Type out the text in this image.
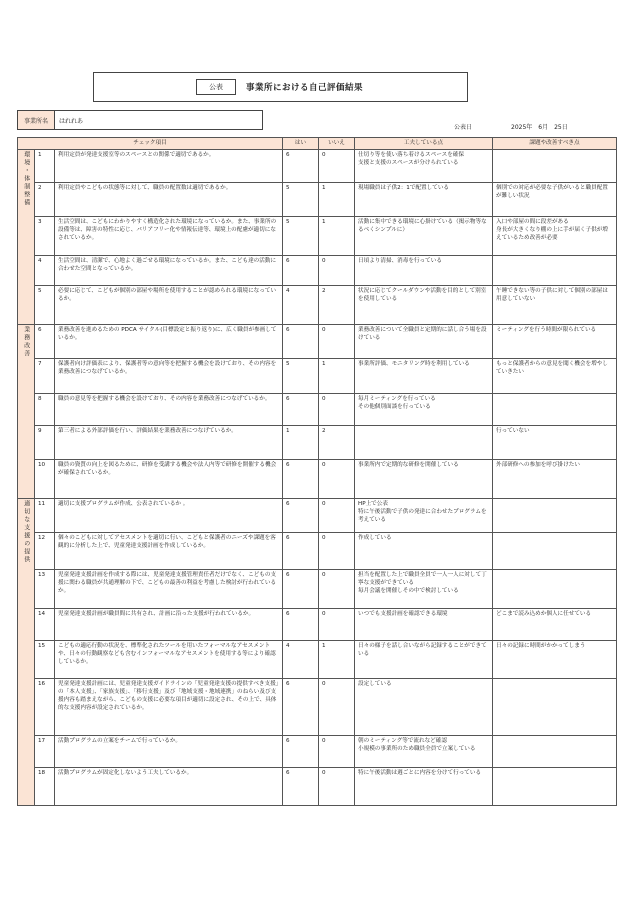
公表	事業所における自己評価結果
事業所名	はれれあ
公表日	2025年　6月　25日
チェック項目			はい	いいえ	工夫している点	課題や改善すべき点
環境・体制整備	1	利用定員が発達支援室等のスペースとの関係で適切であるか。	6	0	仕切り等を使い落ち着けるスペースを確保
支援と支援のスペースが分けられている	
	2	利用定員やこどもの状態等に対して、職員の配置数は適切であるか。	5	1	現場職員は子供2：1で配置している	個別での対応が必要な子供がいると職員配置が難しい状況
	3	生活空間は、こどもにわかりやすく構造化された環境になっているか。また、事業所の設備等は、障害の特性に応じ、バリアフリー化や情報伝達等、環境上の配慮が適切になされているか。	5	1	活動に集中できる環境に心掛けている（掲示物等なるべくシンプルに）	入口や部屋の間に段差がある
身長が大きくなり棚の上に手が届く子供が増えているため改善が必要
	4	生活空間は、清潔で、心地よく過ごせる環境になっているか。また、こども達の活動に合わせた空間となっているか。	6	0	日頃より清掃、消毒を行っている	
	5	必要に応じて、こどもが個別の部屋や場所を使用することが認められる環境になっているか。	4	2	状況に応じてクールダウンや活動を目的として別室を使用している	午睡できない等の子供に対して個別の部屋は用意していない
業務改善	6	業務改善を進めるための PDCA サイクル(目標設定と振り返り)に、広く職員が参画しているか。	6	0	業務改善について全職員と定期的に話し合う場を設けている	ミーティングを行う時間が限られている
	7	保護者向け評価表により、保護者等の意向等を把握する機会を設けており、その内容を業務改善につなげているか。	5	1	事業所評価、モニタリング時を利用している	もっと保護者からの意見を聞く機会を増やしていきたい
	8	職員の意見等を把握する機会を設けており、その内容を業務改善につなげているか。	6	0	毎月ミーティングを行っている
その他個別面談を行っている	
	9	第三者による外部評価を行い、評価結果を業務改善につなげているか。	1	2		行っていない
	10	職員の資質の向上を図るために、研修を受講する機会や法人内等で研修を開催する機会が確保されているか。	6	0	事業所内で定期的な研修を開催している	外部研修への参加を呼び掛けたい
適切な支援の提供	11	適切に支援プログラムが作成、公表されているか 。	6	0	HP上で公表
特に午後活動で子供の発達に合わせたプログラムを考えている	
	12	個々のこどもに対してアセスメントを適切に行い、こどもと保護者のニーズや課題を客観的に分析した上で、児童発達支援計画を作成しているか。	6	0	作成している	
	13	児童発達支援計画を作成する際には、児童発達支援管理責任者だけでなく、こどもの支援に関わる職員が共通理解の下で、こどもの最善の利益を考慮した検討が行われているか。	6	0	担当を配置した上で職員全員で一人一人に対して丁寧な支援ができている
毎月会議を開催しその中で検討している	
	14	児童発達支援計画が職員間に共有され、計画に沿った支援が行われているか。	6	0	いつでも支援計画を確認できる環境	どこまで読み込めか個人に任せている
	15	こどもの適応行動の状況を、標準化されたツールを用いたフォーマルなアセスメントや、日々の行動観察なども含むインフォーマルなアセスメントを使用する等により確認しているか。	4	1	日々の様子を話し合いながら記録することができている	日々の記録に時間がかかってしまう
	16	児童発達支援計画には、児童発達支援ガイドラインの「児童発達支援の提供すべき支援」の「本人支援」、「家族支援」、「移行支援」及び「地域支援・地域連携」のねらい及び支援内容も踏まえながら、こどもの支援に必要な項目が適切に設定され、その上で、具体的な支援内容が設定されているか。	6	0	設定している	
	17	活動プログラムの立案をチームで行っているか。	6	0	朝のミーティング等で流れなど確認
小規模の事業所のため職員全員で立案している	
	18	活動プログラムが固定化しないよう工夫しているか。	6	0	特に午後活動は週ごとに内容を分けて行っている	
